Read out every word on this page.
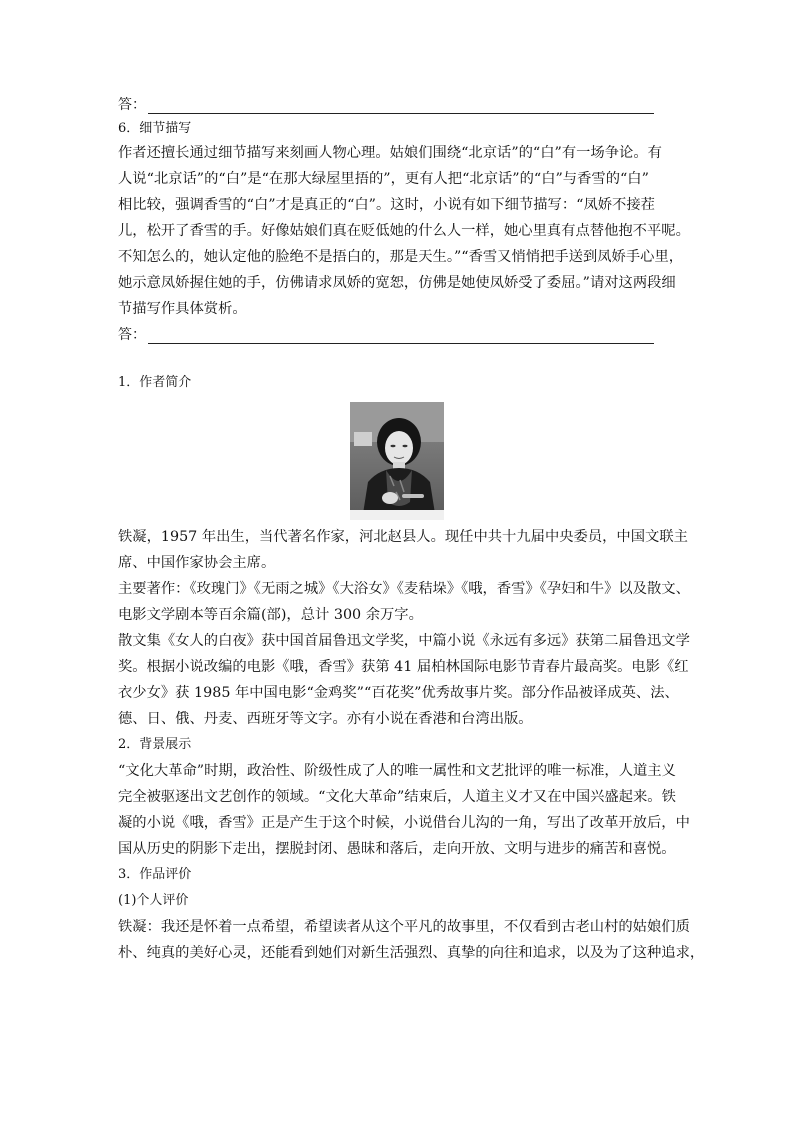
答：
6．细节描写
作者还擅长通过细节描写来刻画人物心理。姑娘们围绕“北京话”的“白”有一场争论。有
人说“北京话”的“白”是“在那大绿屋里捂的”，更有人把“北京话”的“白”与香雪的“白”
相比较，强调香雪的“白”才是真正的“白”。这时，小说有如下细节描写：“凤娇不接茬
儿，松开了香雪的手。好像姑娘们真在贬低她的什么人一样，她心里真有点替他抱不平呢。
不知怎么的，她认定他的脸绝不是捂白的，那是天生。”“香雪又悄悄把手送到凤娇手心里，
她示意凤娇握住她的手，仿佛请求凤娇的宽恕，仿佛是她使凤娇受了委屈。”请对这两段细
节描写作具体赏析。
答：
1．作者简介
铁凝，1957 年出生，当代著名作家，河北赵县人。现任中共十九届中央委员，中国文联主
席、中国作家协会主席。
主要著作：《玫瑰门》《无雨之城》《大浴女》《麦秸垛》《哦，香雪》《孕妇和牛》以及散文、
电影文学剧本等百余篇(部)，总计 300 余万字。
散文集《女人的白夜》获中国首届鲁迅文学奖，中篇小说《永远有多远》获第二届鲁迅文学
奖。根据小说改编的电影《哦，香雪》获第 41 届柏林国际电影节青春片最高奖。电影《红
衣少女》获 1985 年中国电影“金鸡奖”“百花奖”优秀故事片奖。部分作品被译成英、法、
德、日、俄、丹麦、西班牙等文字。亦有小说在香港和台湾出版。
2．背景展示
“文化大革命”时期，政治性、阶级性成了人的唯一属性和文艺批评的唯一标准，人道主义
完全被驱逐出文艺创作的领域。“文化大革命”结束后，人道主义才又在中国兴盛起来。铁
凝的小说《哦，香雪》正是产生于这个时候，小说借台儿沟的一角，写出了改革开放后，中
国从历史的阴影下走出，摆脱封闭、愚昧和落后，走向开放、文明与进步的痛苦和喜悦。
3．作品评价
(1)个人评价
铁凝：我还是怀着一点希望，希望读者从这个平凡的故事里，不仅看到古老山村的姑娘们质
朴、纯真的美好心灵，还能看到她们对新生活强烈、真挚的向往和追求，以及为了这种追求，
